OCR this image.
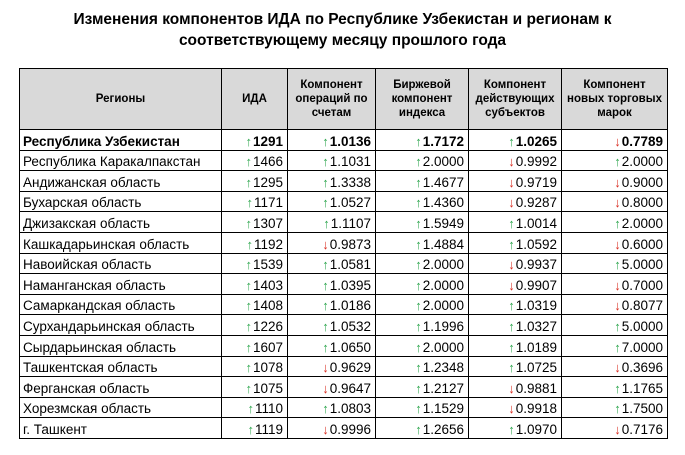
Изменения компонентов ИДА по Республике Узбекистан и регионам к
соответствующему месяцу прошлого года
Регионы	ИДА	Компонент операций по счетам	Биржевой компонент индекса	Компонент действующих субъектов	Компонент новых торговых марок
Республика Узбекистан	↑1291	↑1.0136	↑1.7172	↑1.0265	↓0.7789
Республика Каракалпакстан	↑1466	↑1.1031	↑2.0000	↓0.9992	↑2.0000
Андижанская область	↑1295	↑1.3338	↑1.4677	↓0.9719	↓0.9000
Бухарская область	↑1171	↑1.0527	↑1.4360	↓0.9287	↓0.8000
Джизакская область	↑1307	↑1.1107	↑1.5949	↑1.0014	↑2.0000
Кашкадарьинская область	↑1192	↓0.9873	↑1.4884	↑1.0592	↓0.6000
Навоийская область	↑1539	↑1.0581	↑2.0000	↓0.9937	↑5.0000
Наманганская область	↑1403	↑1.0395	↑2.0000	↓0.9907	↓0.7000
Самаркандская область	↑1408	↑1.0186	↑2.0000	↑1.0319	↓0.8077
Сурхандарьинская область	↑1226	↑1.0532	↑1.1996	↑1.0327	↑5.0000
Сырдарьинская область	↑1607	↑1.0650	↑2.0000	↑1.0189	↑7.0000
Ташкентская область	↑1078	↓0.9629	↑1.2348	↑1.0725	↓0.3696
Ферганская область	↑1075	↓0.9647	↑1.2127	↓0.9881	↑1.1765
Хорезмская область	↑1110	↑1.0803	↑1.1529	↓0.9918	↑1.7500
г. Ташкент	↑1119	↓0.9996	↑1.2656	↑1.0970	↓0.7176
